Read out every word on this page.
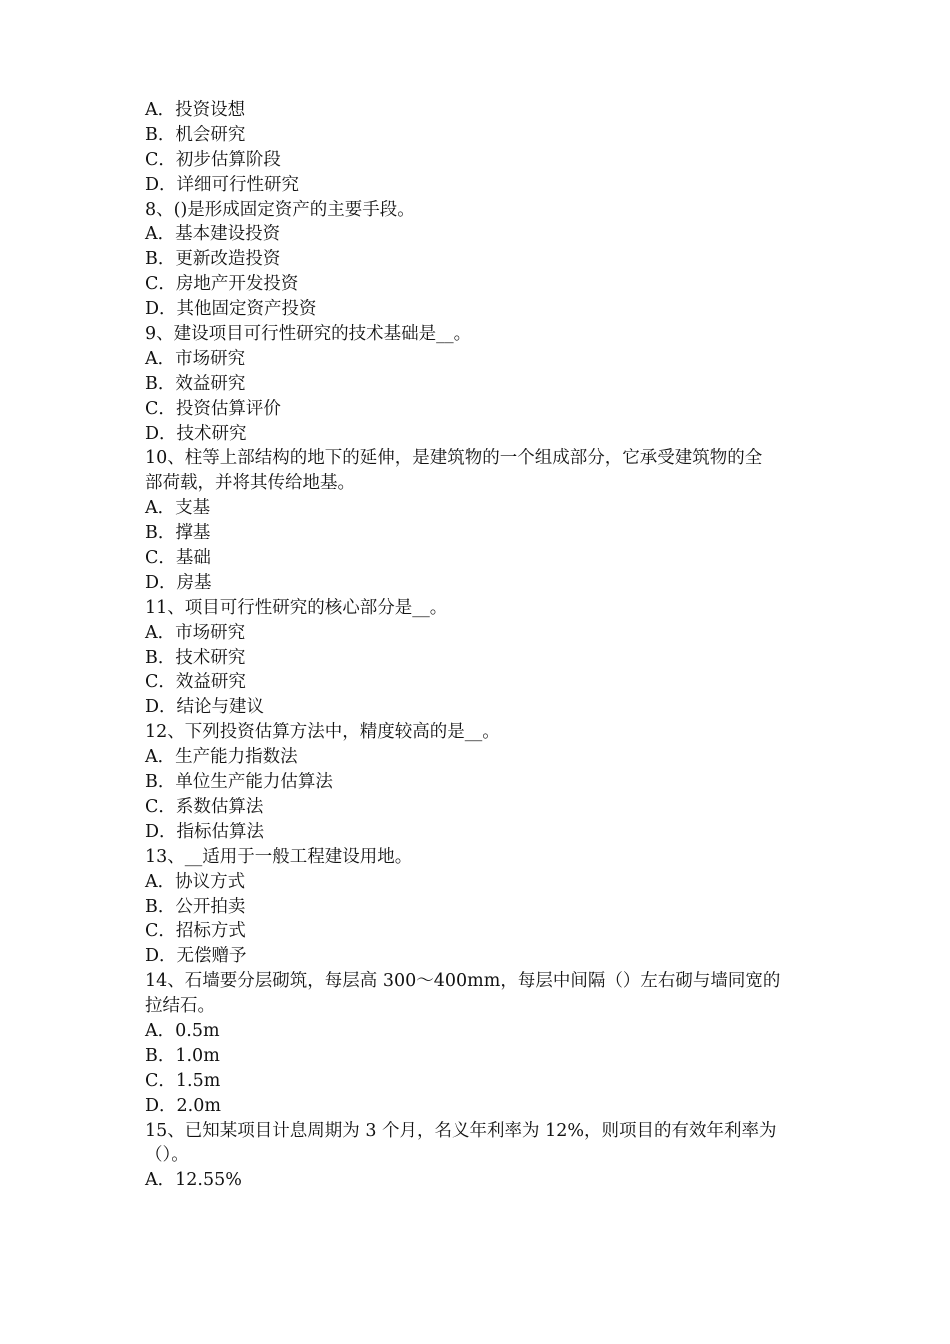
A．投资设想
B．机会研究
C．初步估算阶段
D．详细可行性研究
8、()是形成固定资产的主要手段。
A．基本建设投资
B．更新改造投资
C．房地产开发投资
D．其他固定资产投资
9、建设项目可行性研究的技术基础是__。
A．市场研究
B．效益研究
C．投资估算评价
D．技术研究
10、柱等上部结构的地下的延伸，是建筑物的一个组成部分，它承受建筑物的全
部荷载，并将其传给地基。
A．支基
B．撑基
C．基础
D．房基
11、项目可行性研究的核心部分是__。
A．市场研究
B．技术研究
C．效益研究
D．结论与建议
12、下列投资估算方法中，精度较高的是__。
A．生产能力指数法
B．单位生产能力估算法
C．系数估算法
D．指标估算法
13、__适用于一般工程建设用地。
A．协议方式
B．公开拍卖
C．招标方式
D．无偿赠予
14、石墙要分层砌筑，每层高 300～400mm，每层中间隔（）左右砌与墙同宽的
拉结石。
A．0.5m
B．1.0m
C．1.5m
D．2.0m
15、已知某项目计息周期为 3 个月，名义年利率为 12%，则项目的有效年利率为
（）。
A．12.55%
